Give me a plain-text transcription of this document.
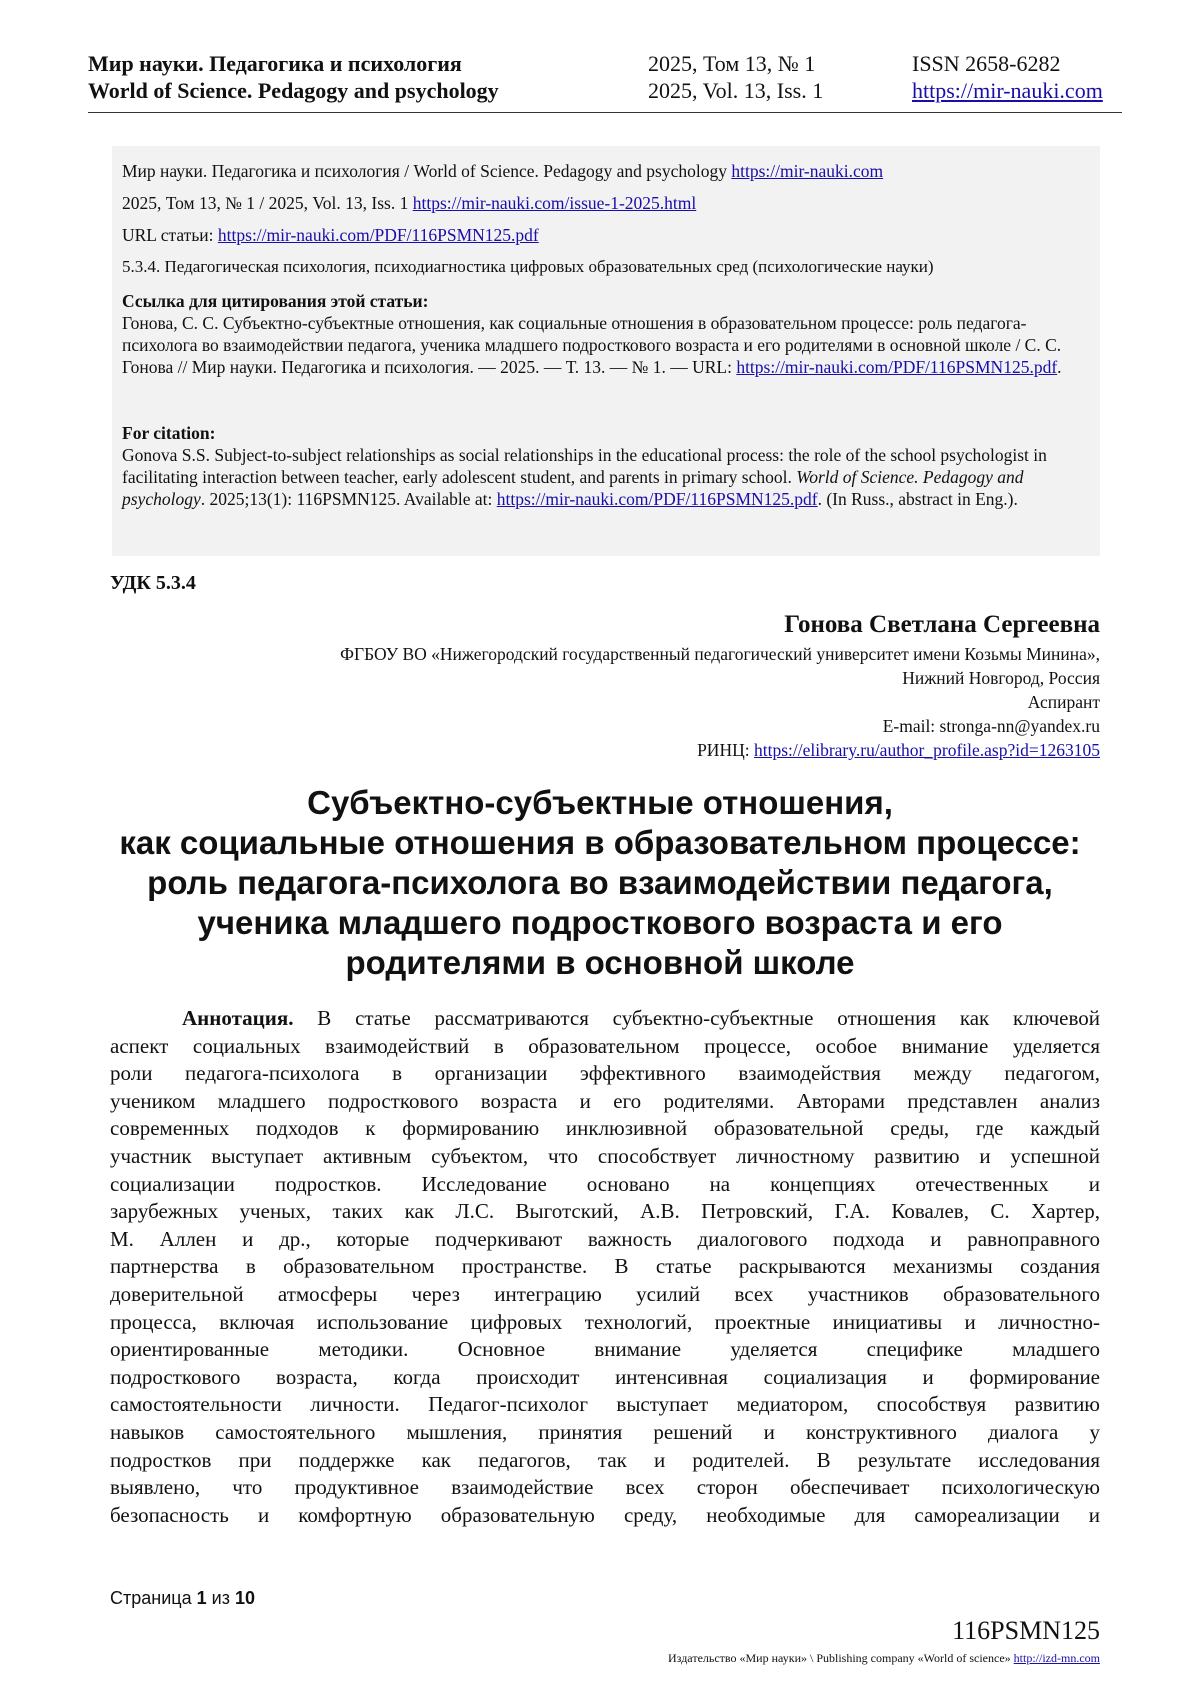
Мир науки. Педагогика и психология
World of Science. Pedagogy and psychology
2025, Том 13, № 1
2025, Vol. 13, Iss. 1
ISSN 2658-6282
https://mir-nauki.com
Мир науки. Педагогика и психология / World of Science. Pedagogy and psychology https://mir-nauki.com
2025, Том 13, № 1 / 2025, Vol. 13, Iss. 1 https://mir-nauki.com/issue-1-2025.html
URL статьи: https://mir-nauki.com/PDF/116PSMN125.pdf
5.3.4. Педагогическая психология, психодиагностика цифровых образовательных сред (психологические науки)
Ссылка для цитирования этой статьи:
Гонова, С. С. Субъектно-субъектные отношения, как социальные отношения в образовательном процессе: роль педагога-психолога во взаимодействии педагога, ученика младшего подросткового возраста и его родителями в основной школе / С. С. Гонова // Мир науки. Педагогика и психология. — 2025. — Т. 13. — № 1. — URL: https://mir-nauki.com/PDF/116PSMN125.pdf.
For citation:
Gonova S.S. Subject-to-subject relationships as social relationships in the educational process: the role of the school psychologist in facilitating interaction between teacher, early adolescent student, and parents in primary school. World of Science. Pedagogy and psychology. 2025;13(1): 116PSMN125. Available at: https://mir-nauki.com/PDF/116PSMN125.pdf. (In Russ., abstract in Eng.).
УДК 5.3.4
Гонова Светлана Сергеевна
ФГБОУ ВО «Нижегородский государственный педагогический университет имени Козьмы Минина»,
Нижний Новгород, Россия
Аспирант
E-mail: stronga-nn@yandex.ru
РИНЦ: https://elibrary.ru/author_profile.asp?id=1263105
Субъектно-субъектные отношения,
как социальные отношения в образовательном процессе:
роль педагога-психолога во взаимодействии педагога,
ученика младшего подросткового возраста и его
родителями в основной школе
Аннотация. В статье рассматриваются субъектно-субъектные отношения как ключевой
аспект социальных взаимодействий в образовательном процессе, особое внимание уделяется
роли педагога-психолога в организации эффективного взаимодействия между педагогом,
учеником младшего подросткового возраста и его родителями. Авторами представлен анализ
современных подходов к формированию инклюзивной образовательной среды, где каждый
участник выступает активным субъектом, что способствует личностному развитию и успешной
социализации подростков. Исследование основано на концепциях отечественных и
зарубежных ученых, таких как Л.С. Выготский, А.В. Петровский, Г.А. Ковалев, С. Хартер,
М. Аллен и др., которые подчеркивают важность диалогового подхода и равноправного
партнерства в образовательном пространстве. В статье раскрываются механизмы создания
доверительной атмосферы через интеграцию усилий всех участников образовательного
процесса, включая использование цифровых технологий, проектные инициативы и личностно-
ориентированные методики. Основное внимание уделяется специфике младшего
подросткового возраста, когда происходит интенсивная социализация и формирование
самостоятельности личности. Педагог-психолог выступает медиатором, способствуя развитию
навыков самостоятельного мышления, принятия решений и конструктивного диалога у
подростков при поддержке как педагогов, так и родителей. В результате исследования
выявлено, что продуктивное взаимодействие всех сторон обеспечивает психологическую
безопасность и комфортную образовательную среду, необходимые для самореализации и
Страница 1 из 10
116PSMN125
Издательство «Мир науки» \ Publishing company «World of science» http://izd-mn.com
